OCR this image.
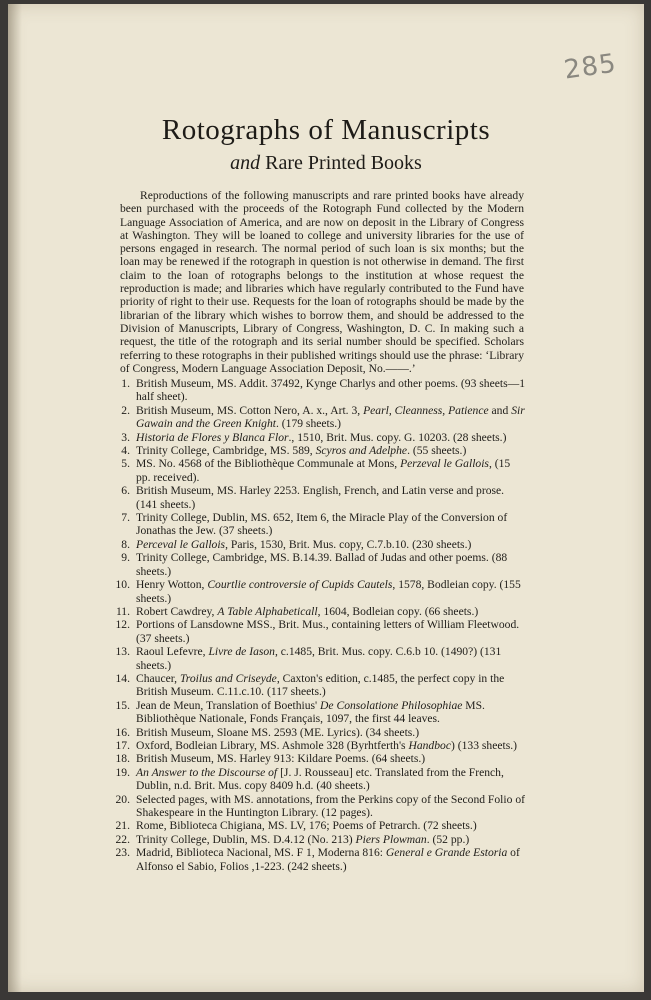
285
Rotographs of Manuscripts
and Rare Printed Books

Reproductions of the following manuscripts and rare printed books have already been purchased with the proceeds of the Rotograph Fund collected by the Modern Language Association of America, and are now on deposit in the Library of Congress at Washington. They will be loaned to college and university libraries for the use of persons engaged in research. The normal period of such loan is six months; but the loan may be renewed if the rotograph in question is not otherwise in demand. The first claim to the loan of rotographs belongs to the institution at whose request the reproduction is made; and libraries which have regularly contributed to the Fund have priority of right to their use. Requests for the loan of rotographs should be made by the librarian of the library which wishes to borrow them, and should be addressed to the Division of Manuscripts, Library of Congress, Washington, D. C. In making such a request, the title of the rotograph and its serial number should be specified. Scholars referring to these rotographs in their published writings should use the phrase: ‘Library of Congress, Modern Language Association Deposit, No.——.’

1. British Museum, MS. Addit. 37492, Kynge Charlys and other poems. (93 sheets—1 half sheet).
2. British Museum, MS. Cotton Nero, A. x., Art. 3, Pearl, Cleanness, Patience and Sir Gawain and the Green Knight. (179 sheets.)
3. Historia de Flores y Blanca Flor., 1510, Brit. Mus. copy. G. 10203. (28 sheets.)
4. Trinity College, Cambridge, MS. 589, Scyros and Adelphe. (55 sheets.)
5. MS. No. 4568 of the Bibliothèque Communale at Mons, Perzeval le Gallois, (15 pp. received).
6. British Museum, MS. Harley 2253. English, French, and Latin verse and prose. (141 sheets.)
7. Trinity College, Dublin, MS. 652, Item 6, the Miracle Play of the Conversion of Jonathas the Jew. (37 sheets.)
8. Perceval le Gallois, Paris, 1530, Brit. Mus. copy, C.7.b.10. (230 sheets.)
9. Trinity College, Cambridge, MS. B.14.39. Ballad of Judas and other poems. (88 sheets.)
10. Henry Wotton, Courtlie controversie of Cupids Cautels, 1578, Bodleian copy. (155 sheets.)
11. Robert Cawdrey, A Table Alphabeticall, 1604, Bodleian copy. (66 sheets.)
12. Portions of Lansdowne MSS., Brit. Mus., containing letters of William Fleetwood. (37 sheets.)
13. Raoul Lefevre, Livre de Iason, c.1485, Brit. Mus. copy. C.6.b 10. (1490?) (131 sheets.)
14. Chaucer, Troilus and Criseyde, Caxton's edition, c.1485, the perfect copy in the British Museum. C.11.c.10. (117 sheets.)
15. Jean de Meun, Translation of Boethius' De Consolatione Philosophiae MS. Bibliothèque Nationale, Fonds Français, 1097, the first 44 leaves.
16. British Museum, Sloane MS. 2593 (ME. Lyrics). (34 sheets.)
17. Oxford, Bodleian Library, MS. Ashmole 328 (Byrhtferth's Handboc) (133 sheets.)
18. British Museum, MS. Harley 913: Kildare Poems. (64 sheets.)
19. An Answer to the Discourse of [J. J. Rousseau] etc. Translated from the French, Dublin, n.d. Brit. Mus. copy 8409 h.d. (40 sheets.)
20. Selected pages, with MS. annotations, from the Perkins copy of the Second Folio of Shakespeare in the Huntington Library. (12 pages).
21. Rome, Biblioteca Chigiana, MS. LV, 176; Poems of Petrarch. (72 sheets.)
22. Trinity College, Dublin, MS. D.4.12 (No. 213) Piers Plowman. (52 pp.)
23. Madrid, Biblioteca Nacional, MS. F 1, Moderna 816: General e Grande Estoria of Alfonso el Sabio, Folios ,1-223. (242 sheets.)
